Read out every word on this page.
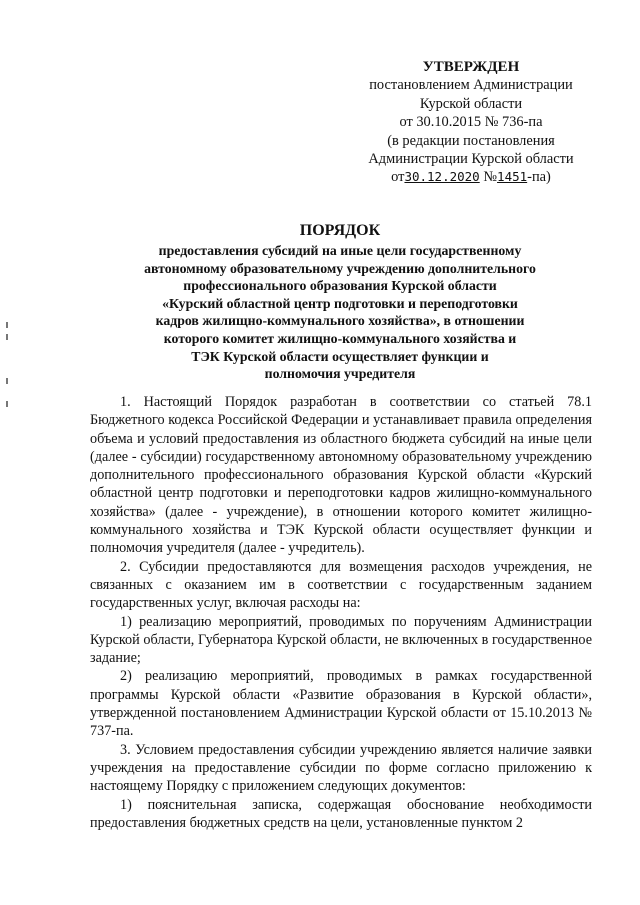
УТВЕРЖДЕН
постановлением Администрации
Курской области
от 30.10.2015 № 736-па
(в редакции постановления
Администрации Курской области
от30.12.2020 №1451-па)
ПОРЯДОК
предоставления субсидий на иные цели государственному
автономному образовательному учреждению дополнительного
профессионального образования Курской области
«Курский областной центр подготовки и переподготовки
кадров жилищно-коммунального хозяйства», в отношении
которого комитет жилищно-коммунального хозяйства и
ТЭК Курской области осуществляет функции и
полномочия учредителя

1. Настоящий Порядок разработан в соответствии со статьей 78.1 Бюджетного кодекса Российской Федерации и устанавливает правила определения объема и условий предоставления из областного бюджета субсидий на иные цели (далее - субсидии) государственному автономному образовательному учреждению дополнительного профессионального образования Курской области «Курский областной центр подготовки и переподготовки кадров жилищно-коммунального хозяйства» (далее - учреждение), в отношении которого комитет жилищно-коммунального хозяйства и ТЭК Курской области осуществляет функции и полномочия учредителя (далее - учредитель).

2. Субсидии предоставляются для возмещения расходов учреждения, не связанных с оказанием им в соответствии с государственным заданием государственных услуг, включая расходы на:

1) реализацию мероприятий, проводимых по поручениям Администрации Курской области, Губернатора Курской области, не включенных в государственное задание;

2) реализацию мероприятий, проводимых в рамках государственной программы Курской области «Развитие образования в Курской области», утвержденной постановлением Администрации Курской области от 15.10.2013 № 737-па.

3. Условием предоставления субсидии учреждению является наличие заявки учреждения на предоставление субсидии по форме согласно приложению к настоящему Порядку с приложением следующих документов:

1) пояснительная записка, содержащая обоснование необходимости предоставления бюджетных средств на цели, установленные пунктом 2
